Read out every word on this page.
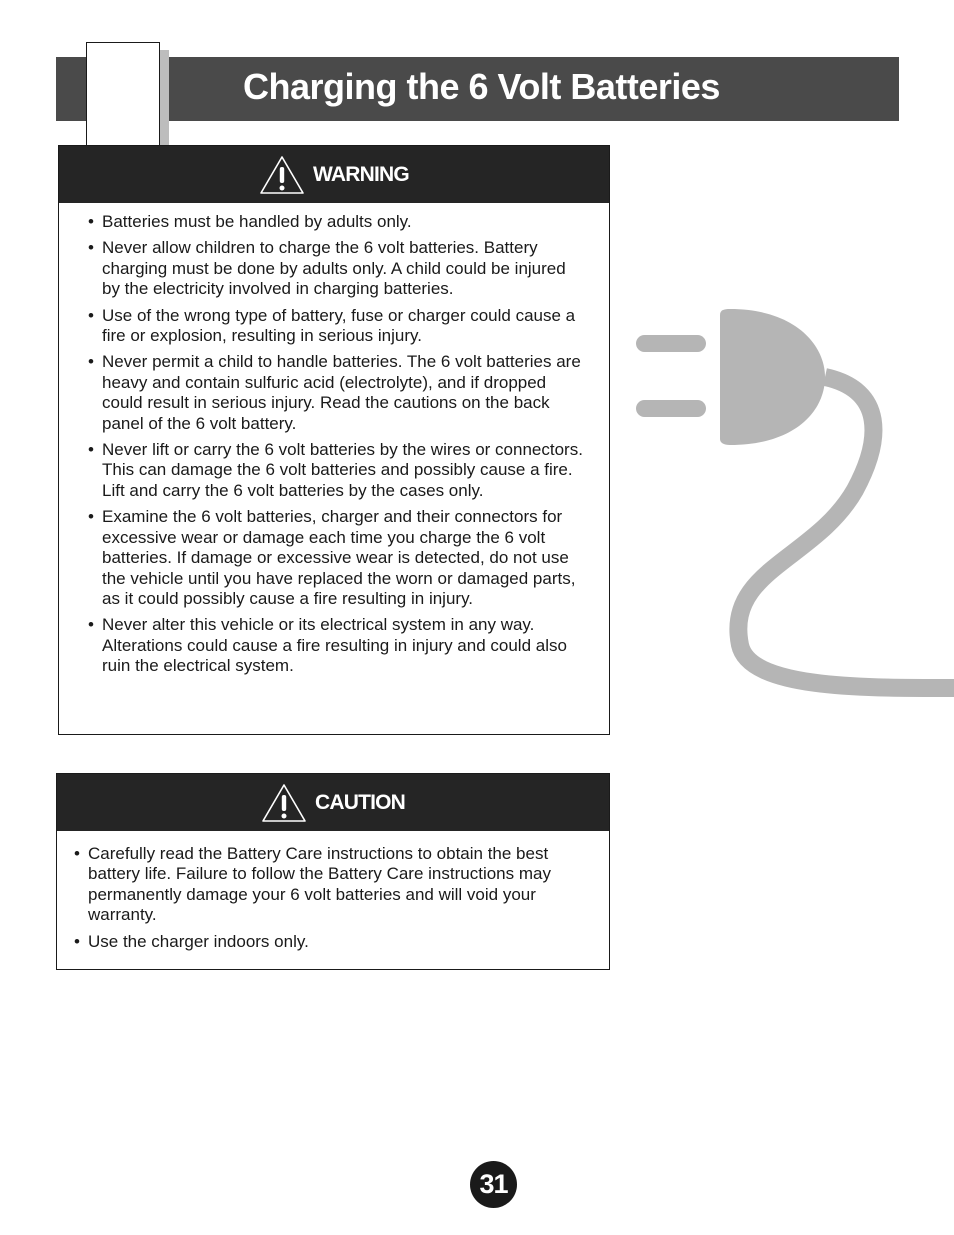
Charging the 6 Volt Batteries
WARNING
• Batteries must be handled by adults only.
• Never allow children to charge the 6 volt batteries. Battery charging must be done by adults only. A child could be injured by the electricity involved in charging batteries.
• Use of the wrong type of battery, fuse or charger could cause a fire or explosion, resulting in serious injury.
• Never permit a child to handle batteries. The 6 volt batteries are heavy and contain sulfuric acid (electrolyte), and if dropped could result in serious injury. Read the cautions on the back panel of the 6 volt battery.
• Never lift or carry the 6 volt batteries by the wires or connectors. This can damage the 6 volt batteries and possibly cause a fire. Lift and carry the 6 volt batteries by the cases only.
• Examine the 6 volt batteries, charger and their connectors for excessive wear or damage each time you charge the 6 volt batteries. If damage or excessive wear is detected, do not use the vehicle until you have replaced the worn or damaged parts, as it could possibly cause a fire resulting in injury.
• Never alter this vehicle or its electrical system in any way. Alterations could cause a fire resulting in injury and could also ruin the electrical system.
CAUTION
• Carefully read the Battery Care instructions to obtain the best battery life. Failure to follow the Battery Care instructions may permanently damage your 6 volt batteries and will void your warranty.
• Use the charger indoors only.
31
